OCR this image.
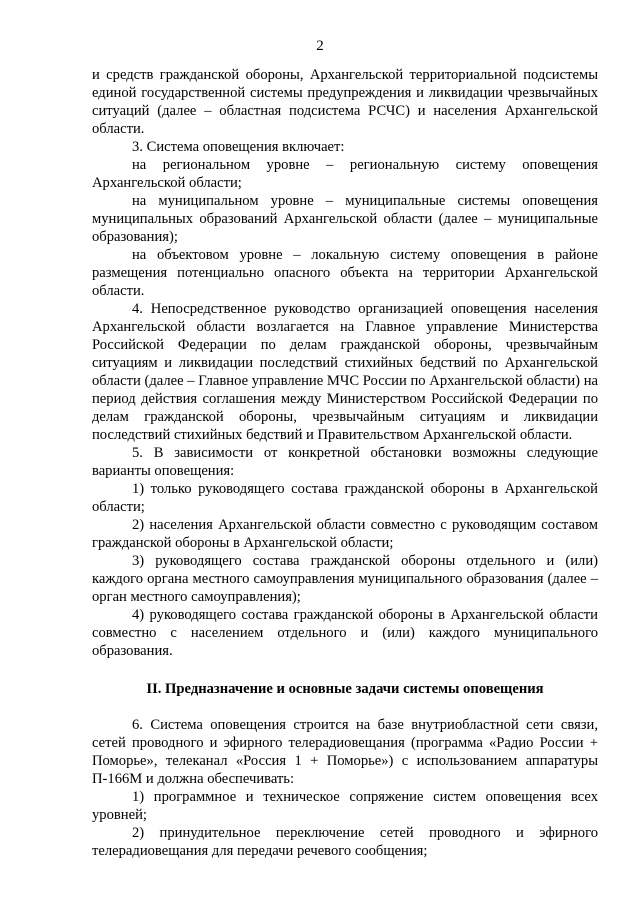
2

и средств гражданской обороны, Архангельской территориальной подсистемы единой государственной системы предупреждения и ликвидации чрезвычайных ситуаций (далее – областная подсистема РСЧС) и населения Архангельской области.

3. Система оповещения включает:

на региональном уровне – региональную систему оповещения Архангельской области;

на муниципальном уровне – муниципальные системы оповещения муниципальных образований Архангельской области (далее – муниципальные образования);

на объектовом уровне – локальную систему оповещения в районе размещения потенциально опасного объекта на территории Архангельской области.

4. Непосредственное руководство организацией оповещения населения Архангельской области возлагается на Главное управление Министерства Российской Федерации по делам гражданской обороны, чрезвычайным ситуациям и ликвидации последствий стихийных бедствий по Архангельской области (далее – Главное управление МЧС России по Архангельской области) на период действия соглашения между Министерством Российской Федерации по делам гражданской обороны, чрезвычайным ситуациям и ликвидации последствий стихийных бедствий и Правительством Архангельской области.

5. В зависимости от конкретной обстановки возможны следующие варианты оповещения:

1) только руководящего состава гражданской обороны в Архангельской области;

2) населения Архангельской области совместно с руководящим составом гражданской обороны в Архангельской области;

3) руководящего состава гражданской обороны отдельного и (или) каждого органа местного самоуправления муниципального образования (далее – орган местного самоуправления);

4) руководящего состава гражданской обороны в Архангельской области совместно с населением отдельного и (или) каждого муниципального образования.

II. Предназначение и основные задачи системы оповещения

6. Система оповещения строится на базе внутриобластной сети связи, сетей проводного и эфирного телерадиовещания (программа «Радио России + Поморье», телеканал «Россия 1 + Поморье») с использованием аппаратуры П-166М и должна обеспечивать:

1) программное и техническое сопряжение систем оповещения всех уровней;

2) принудительное переключение сетей проводного и эфирного телерадиовещания для передачи речевого сообщения;
